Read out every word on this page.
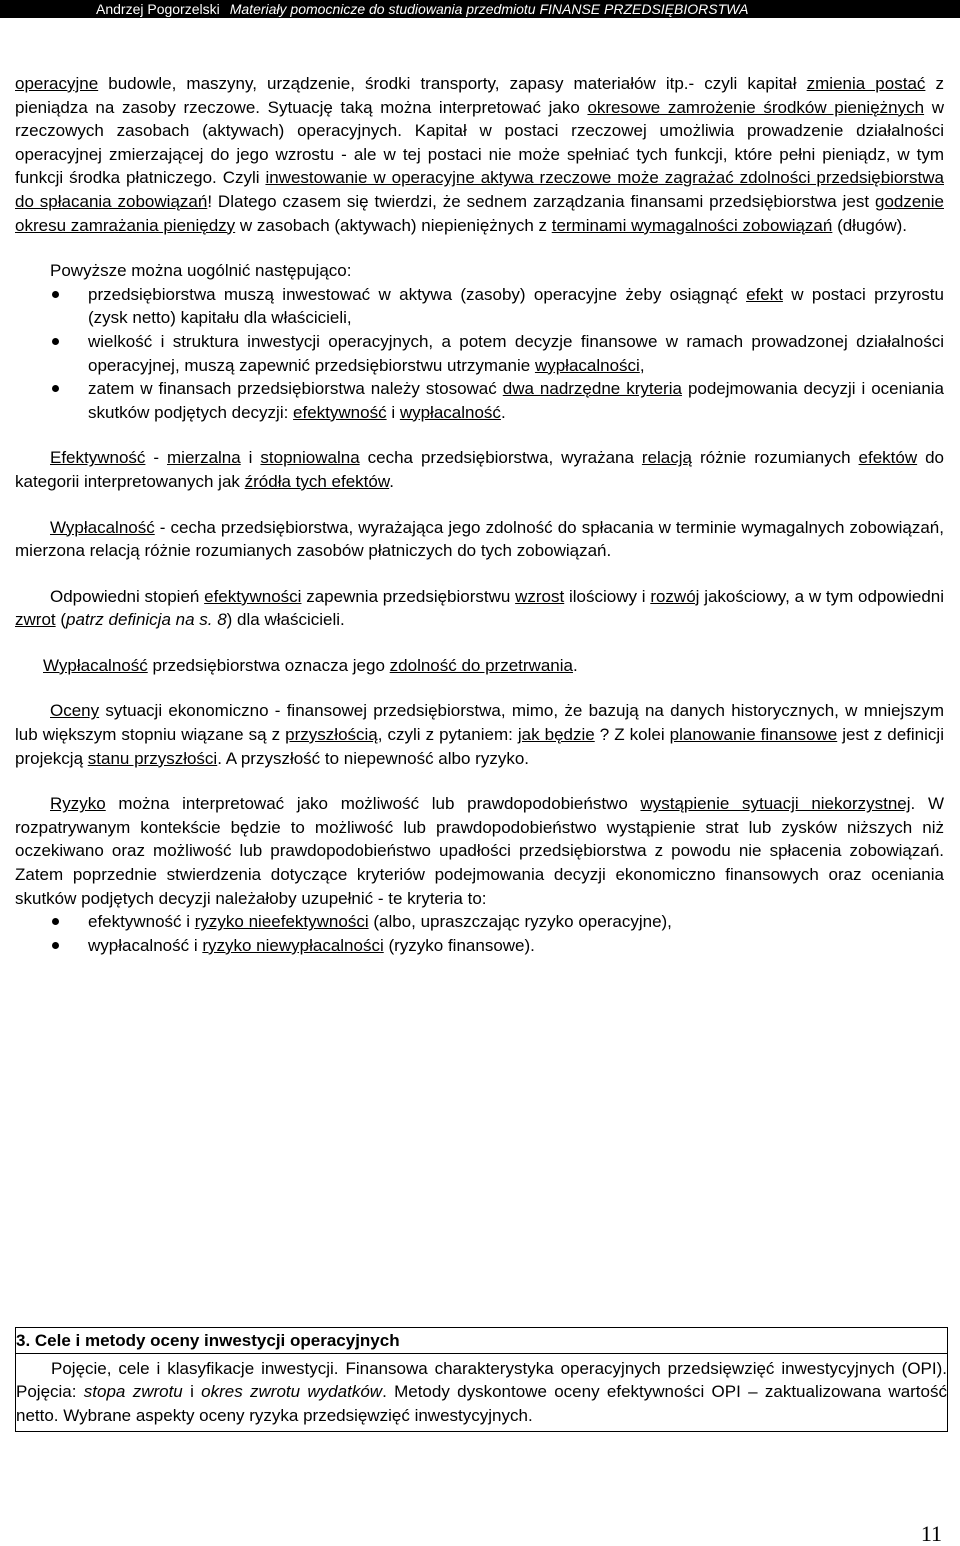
Andrzej Pogorzelski Materiały pomocnicze do studiowania przedmiotu FINANSE PRZEDSIĘBIORSTWA

operacyjne budowle, maszyny, urządzenie, środki transporty, zapasy materiałów itp.- czyli kapitał zmienia postać z pieniądza na zasoby rzeczowe. Sytuację taką można interpretować jako okresowe zamrożenie środków pieniężnych w rzeczowych zasobach (aktywach) operacyjnych. Kapitał w postaci rzeczowej umożliwia prowadzenie działalności operacyjnej zmierzającej do jego wzrostu - ale w tej postaci nie może spełniać tych funkcji, które pełni pieniądz, w tym funkcji środka płatniczego. Czyli inwestowanie w operacyjne aktywa rzeczowe może zagrażać zdolności przedsiębiorstwa do spłacania zobowiązań! Dlatego czasem się twierdzi, że sednem zarządzania finansami przedsiębiorstwa jest godzenie okresu zamrażania pieniędzy w zasobach (aktywach) niepieniężnych z terminami wymagalności zobowiązań (długów).

Powyższe można uogólnić następująco:

przedsiębiorstwa muszą inwestować w aktywa (zasoby) operacyjne żeby osiągnąć efekt w postaci przyrostu (zysk netto) kapitału dla właścicieli,
wielkość i struktura inwestycji operacyjnych, a potem decyzje finansowe w ramach prowadzonej działalności operacyjnej, muszą zapewnić przedsiębiorstwu utrzymanie wypłacalności,
zatem w finansach przedsiębiorstwa należy stosować dwa nadrzędne kryteria podejmowania decyzji i oceniania skutków podjętych decyzji: efektywność i wypłacalność.

Efektywność - mierzalna i stopniowalna cecha przedsiębiorstwa, wyrażana relacją różnie rozumianych efektów do kategorii interpretowanych jak źródła tych efektów.

Wypłacalność - cecha przedsiębiorstwa, wyrażająca jego zdolność do spłacania w terminie wymagalnych zobowiązań, mierzona relacją różnie rozumianych zasobów płatniczych do tych zobowiązań.

Odpowiedni stopień efektywności zapewnia przedsiębiorstwu wzrost ilościowy i rozwój jakościowy, a w tym odpowiedni zwrot (patrz definicja na s. 8) dla właścicieli.

Wypłacalność przedsiębiorstwa oznacza jego zdolność do przetrwania.

Oceny sytuacji ekonomiczno - finansowej przedsiębiorstwa, mimo, że bazują na danych historycznych, w mniejszym lub większym stopniu wiązane są z przyszłością, czyli z pytaniem: jak będzie ? Z kolei planowanie finansowe jest z definicji projekcją stanu przyszłości. A przyszłość to niepewność albo ryzyko.

Ryzyko można interpretować jako możliwość lub prawdopodobieństwo wystąpienie sytuacji niekorzystnej. W rozpatrywanym kontekście będzie to możliwość lub prawdopodobieństwo wystąpienie strat lub zysków niższych niż oczekiwano oraz możliwość lub prawdopodobieństwo upadłości przedsiębiorstwa z powodu nie spłacenia zobowiązań. Zatem poprzednie stwierdzenia dotyczące kryteriów podejmowania decyzji ekonomiczno finansowych oraz oceniania skutków podjętych decyzji należałoby uzupełnić - te kryteria to:

efektywność i ryzyko nieefektywności (albo, upraszczając ryzyko operacyjne),
wypłacalność i ryzyko niewypłacalności (ryzyko finansowe).
3. Cele i metody oceny inwestycji operacyjnych
Pojęcie, cele i klasyfikacje inwestycji. Finansowa charakterystyka operacyjnych przedsięwzięć inwestycyjnych (OPI). Pojęcia: stopa zwrotu i okres zwrotu wydatków. Metody dyskontowe oceny efektywności OPI – zaktualizowana wartość netto. Wybrane aspekty oceny ryzyka przedsięwzięć inwestycyjnych.
11
